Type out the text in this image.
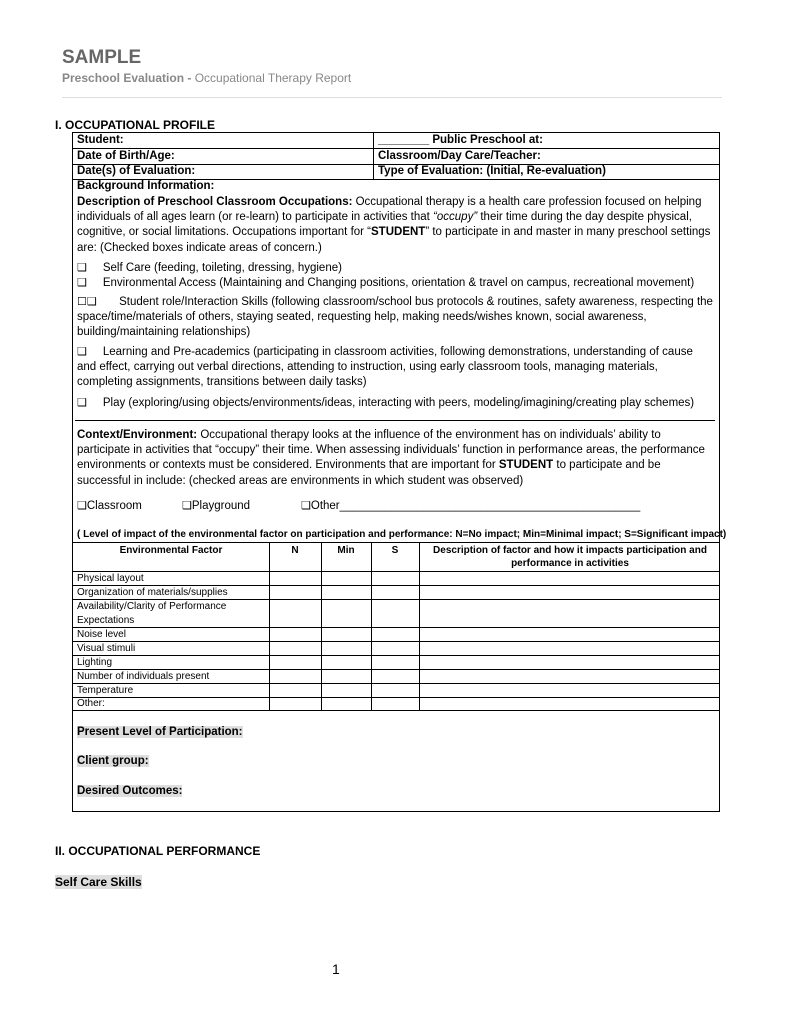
SAMPLE
Preschool Evaluation - Occupational Therapy Report
I. OCCUPATIONAL PROFILE
Student:	________ Public Preschool at:
Date of Birth/Age:	Classroom/Day Care/Teacher:
Date(s) of Evaluation:	Type of Evaluation: (Initial, Re-evaluation)
Background Information:
Description of Preschool Classroom Occupations: Occupational therapy is a health care profession focused on helping individuals of all ages learn (or re-learn) to participate in activities that “occupy” their time during the day despite physical, cognitive, or social limitations. Occupations important for “STUDENT” to participate in and master in many preschool settings are: (Checked boxes indicate areas of concern.)
❑ Self Care (feeding, toileting, dressing, hygiene)
❑ Environmental Access (Maintaining and Changing positions, orientation & travel on campus, recreational movement)
☐❑ Student role/Interaction Skills (following classroom/school bus protocols & routines, safety awareness, respecting the space/time/materials of others, staying seated, requesting help, making needs/wishes known, social awareness, building/maintaining relationships)
❑ Learning and Pre-academics (participating in classroom activities, following demonstrations, understanding of cause and effect, carrying out verbal directions, attending to instruction, using early classroom tools, managing materials, completing assignments, transitions between daily tasks)
❑ Play (exploring/using objects/environments/ideas, interacting with peers, modeling/imagining/creating play schemes)
Context/Environment: Occupational therapy looks at the influence of the environment has on individuals’ ability to participate in activities that “occupy” their time. When assessing individuals’ function in performance areas, the performance environments or contexts must be considered. Environments that are important for STUDENT to participate and be successful in include: (checked areas are environments in which student was observed)
❑Classroom	❑Playground	❑Other_______________________________________________
( Level of impact of the environmental factor on participation and performance: N=No impact; Min=Minimal impact; S=Significant impact)
Environmental Factor	N	Min	S	Description of factor and how it impacts participation and performance in activities
Physical layout
Organization of materials/supplies
Availability/Clarity of Performance Expectations
Noise level
Visual stimuli
Lighting
Number of individuals present
Temperature
Other:
Present Level of Participation:
Client group:
Desired Outcomes:
II. OCCUPATIONAL PERFORMANCE
Self Care Skills
1
